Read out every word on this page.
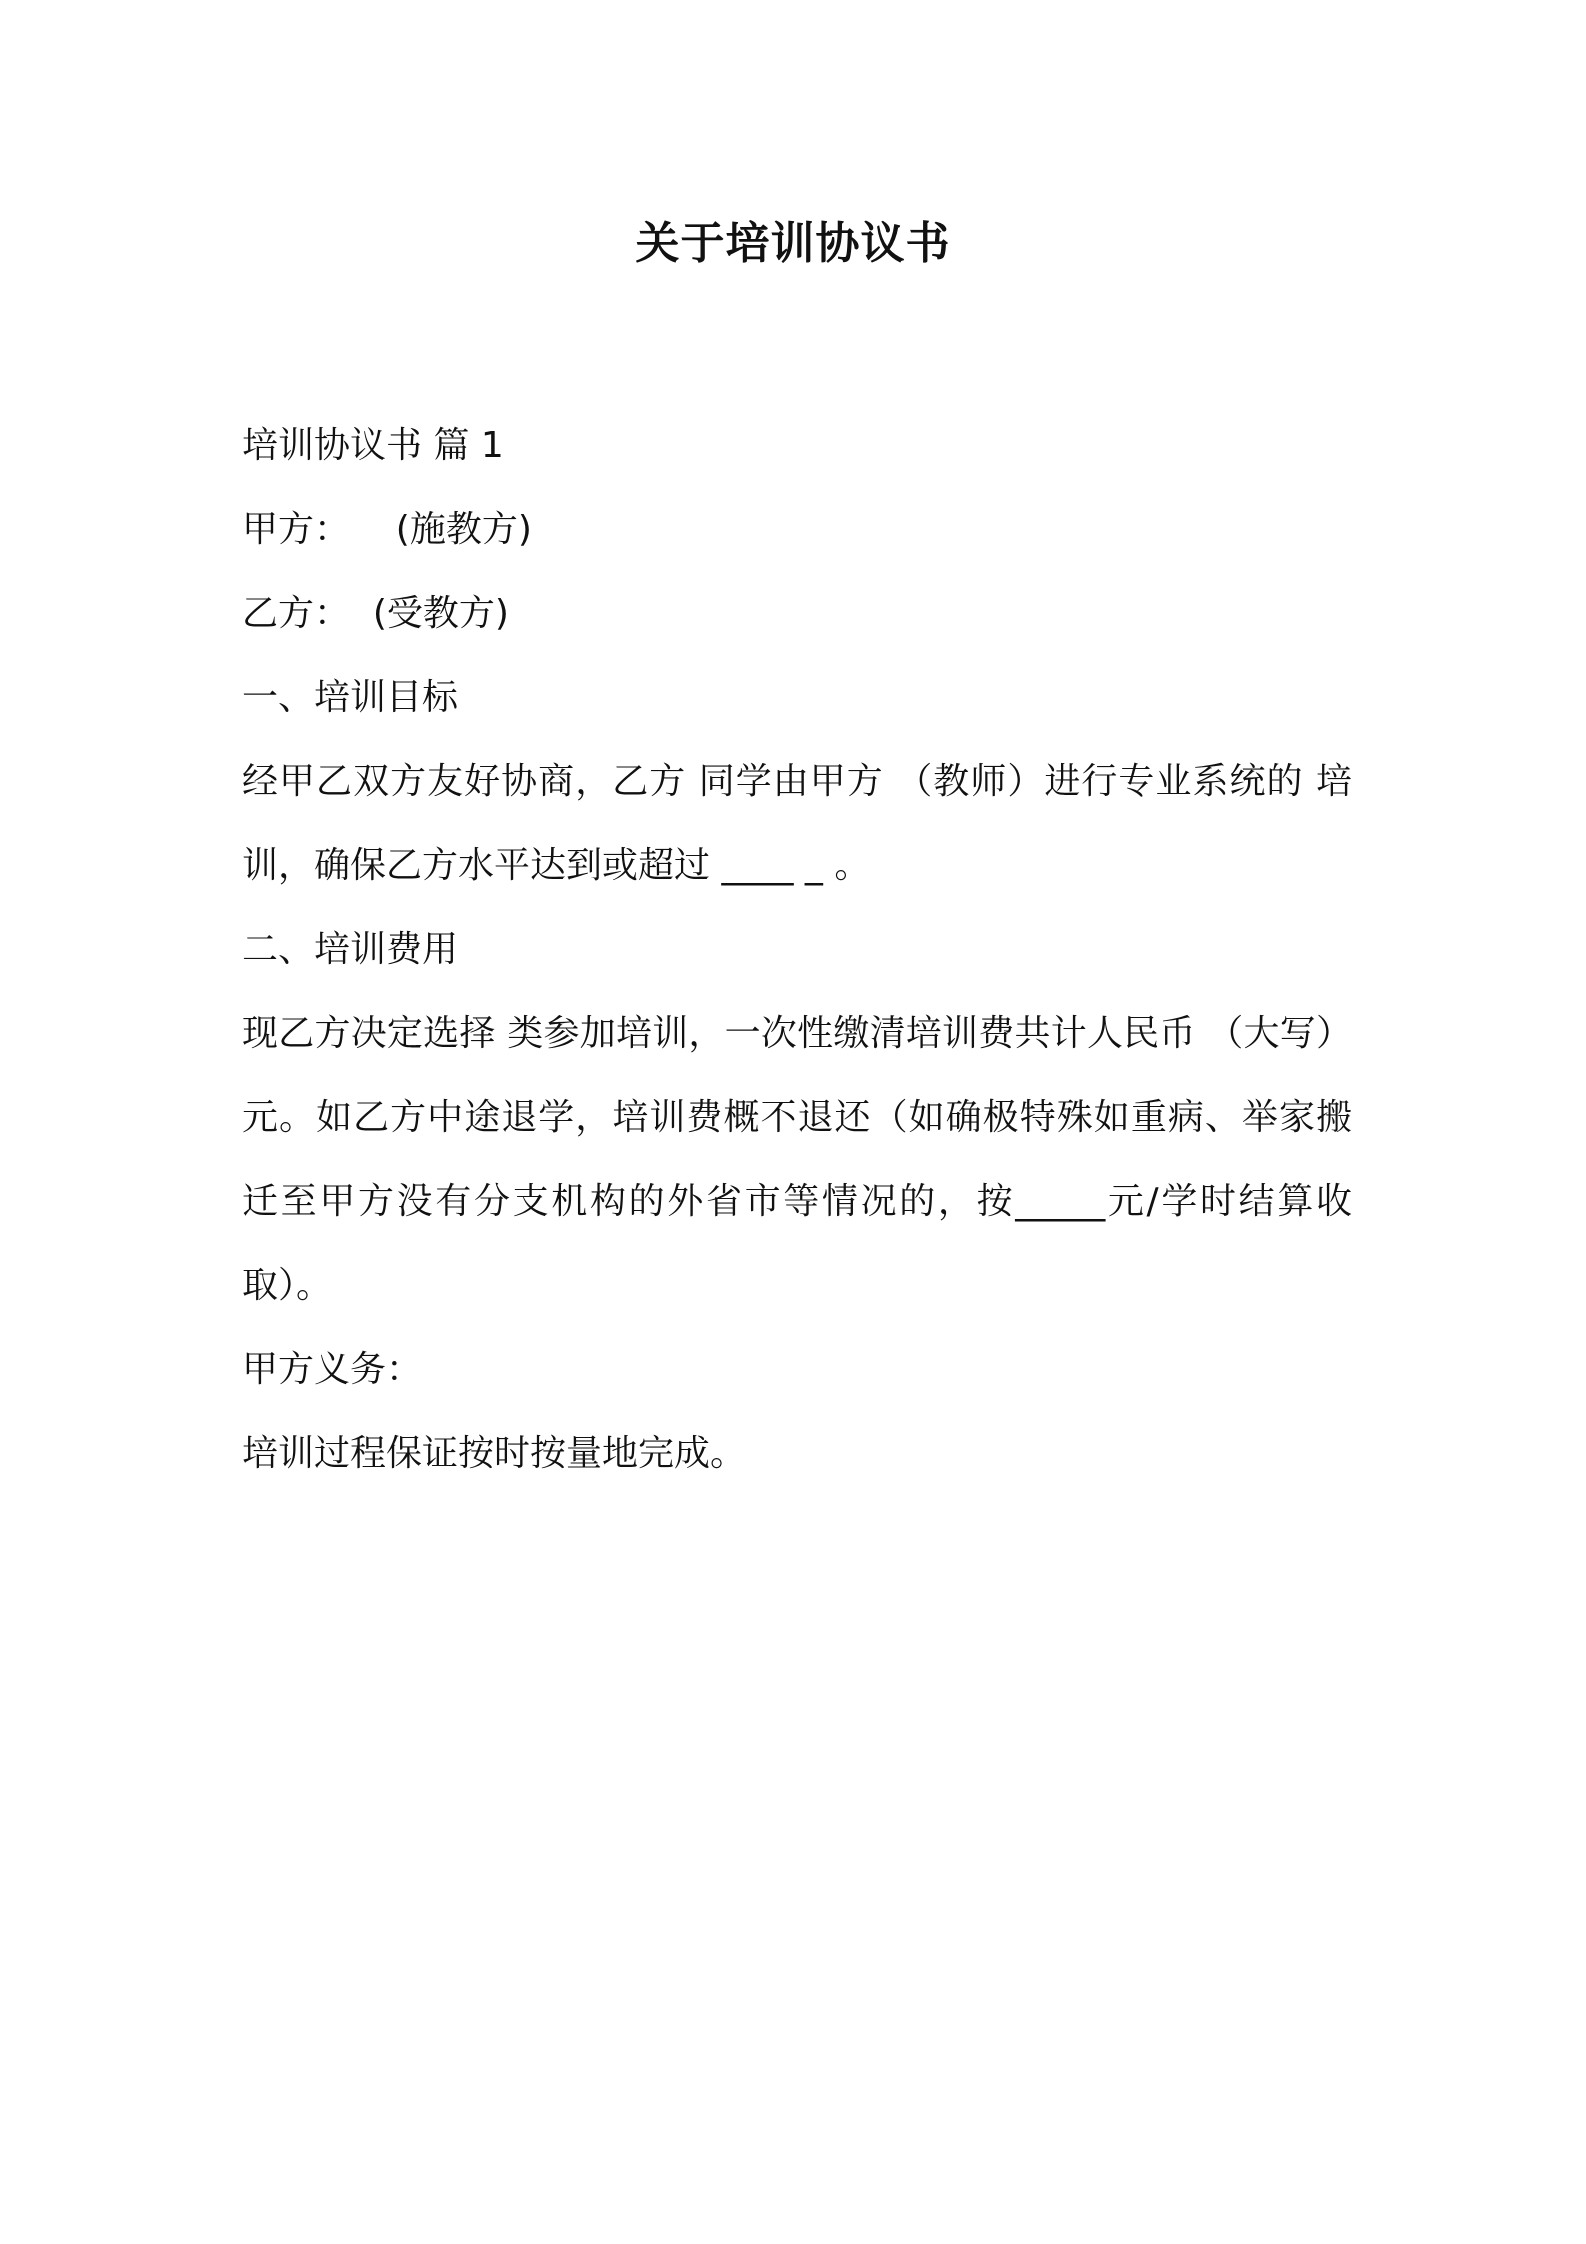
关于培训协议书

培训协议书 篇 1

甲方：    (施教方)

乙方：  (受教方)

一、培训目标

经甲乙双方友好协商，乙方 同学由甲方 （教师）进行专业系统的 培

训，确保乙方水平达到或超过 ____ _ 。

二、培训费用

现乙方决定选择 类参加培训，一次性缴清培训费共计人民币 （大写）

元。如乙方中途退学，培训费概不退还（如确极特殊如重病、举家搬

迁至甲方没有分支机构的外省市等情况的，按_____元/学时结算收

取）。

甲方义务：

培训过程保证按时按量地完成。
